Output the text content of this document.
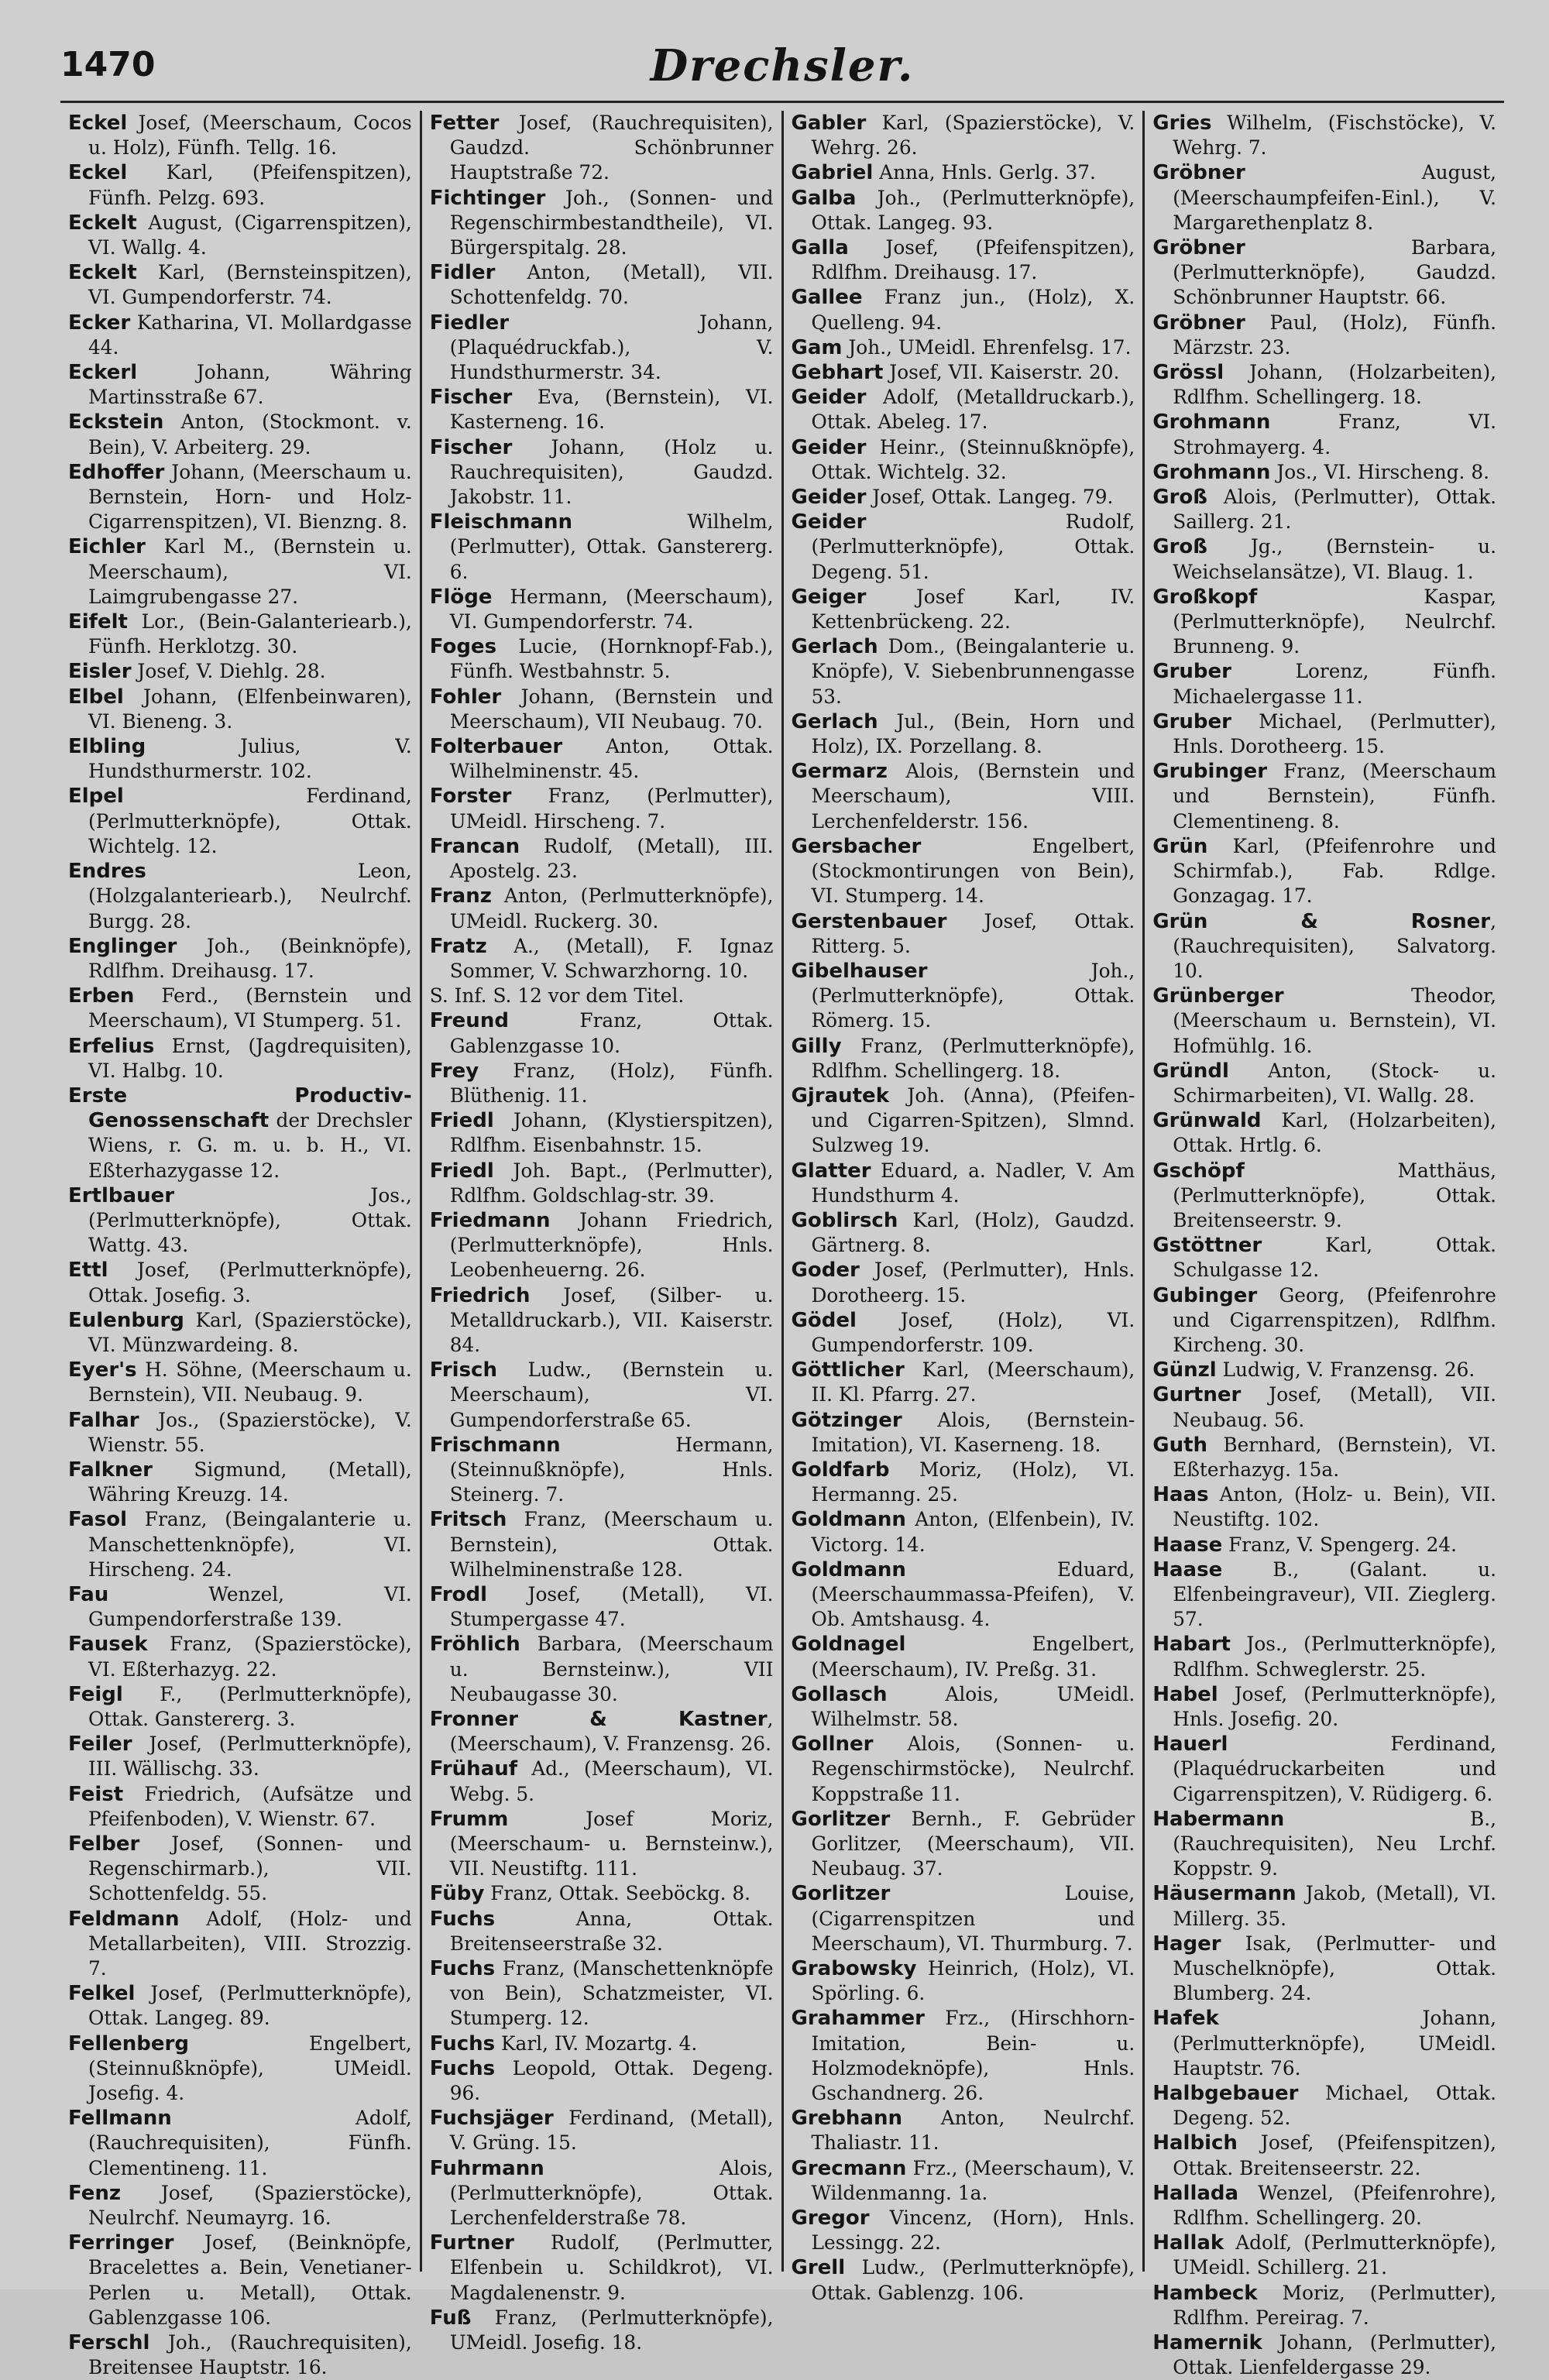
1470	Drechsler.

Eckel Josef, (Meerschaum, Cocos u. Holz), Fünfh. Tellg. 16.

Eckel Karl, (Pfeifenspitzen), Fünfh. Pelzg. 693.

Eckelt August, (Cigarrenspitzen), VI. Wallg. 4.

Eckelt Karl, (Bernsteinspitzen), VI. Gumpendorferstr. 74.

Ecker Katharina, VI. Mollardgasse 44.

Eckerl Johann, Währing Martinsstraße 67.

Eckstein Anton, (Stockmont. v. Bein), V. Arbeiterg. 29.

Edhoffer Johann, (Meerschaum u. Bernstein, Horn- und Holz-Cigarrenspitzen), VI. Bienzng. 8.

Eichler Karl M., (Bernstein u. Meerschaum), VI. Laimgrubengasse 27.

Eifelt Lor., (Bein-Galanteriearb.), Fünfh. Herklotzg. 30.

Eisler Josef, V. Diehlg. 28.

Elbel Johann, (Elfenbeinwaren), VI. Bieneng. 3.

Elbling Julius, V. Hundsthurmerstr. 102.

Elpel Ferdinand, (Perlmutterknöpfe), Ottak. Wichtelg. 12.

Endres Leon, (Holzgalanteriearb.), Neulrchf. Burgg. 28.

Englinger Joh., (Beinknöpfe), Rdlfhm. Dreihausg. 17.

Erben Ferd., (Bernstein und Meerschaum), VI Stumperg. 51.

Erfelius Ernst, (Jagdrequisiten), VI. Halbg. 10.

Erste Productiv-Genossenschaft der Drechsler Wiens, r. G. m. u. b. H., VI. Eßterhazygasse 12.

Ertlbauer Jos., (Perlmutterknöpfe), Ottak. Wattg. 43.

Ettl Josef, (Perlmutterknöpfe), Ottak. Josefig. 3.

Eulenburg Karl, (Spazierstöcke), VI. Münzwardeing. 8.

Eyer's H. Söhne, (Meerschaum u. Bernstein), VII. Neubaug. 9.

Falhar Jos., (Spazierstöcke), V. Wienstr. 55.

Falkner Sigmund, (Metall), Währing Kreuzg. 14.

Fasol Franz, (Beingalanterie u. Manschettenknöpfe), VI. Hirscheng. 24.

Fau Wenzel, VI. Gumpendorferstraße 139.

Fausek Franz, (Spazierstöcke), VI. Eßterhazyg. 22.

Feigl F., (Perlmutterknöpfe), Ottak. Ganstererg. 3.

Feiler Josef, (Perlmutterknöpfe), III. Wällischg. 33.

Feist Friedrich, (Aufsätze und Pfeifenboden), V. Wienstr. 67.

Felber Josef, (Sonnen- und Regenschirmarb.), VII. Schottenfeldg. 55.

Feldmann Adolf, (Holz- und Metallarbeiten), VIII. Strozzig. 7.

Felkel Josef, (Perlmutterknöpfe), Ottak. Langeg. 89.

Fellenberg Engelbert, (Steinnußknöpfe), UMeidl. Josefig. 4.

Fellmann Adolf, (Rauchrequisiten), Fünfh. Clementineng. 11.

Fenz Josef, (Spazierstöcke), Neulrchf. Neumayrg. 16.

Ferringer Josef, (Beinknöpfe, Bracelettes a. Bein, Venetianer-Perlen u. Metall), Ottak. Gablenzgasse 106.

Ferschl Joh., (Rauchrequisiten), Breitensee Hauptstr. 16.

Fetter Josef, (Rauchrequisiten), Gaudzd. Schönbrunner Hauptstraße 72.

Fichtinger Joh., (Sonnen- und Regenschirmbestandtheile), VI. Bürgerspitalg. 28.

Fidler Anton, (Metall), VII. Schottenfeldg. 70.

Fiedler Johann, (Plaquédruckfab.), V. Hundsthurmerstr. 34.

Fischer Eva, (Bernstein), VI. Kasterneng. 16.

Fischer Johann, (Holz u. Rauchrequisiten), Gaudzd. Jakobstr. 11.

Fleischmann Wilhelm, (Perlmutter), Ottak. Ganstererg. 6.

Flöge Hermann, (Meerschaum), VI. Gumpendorferstr. 74.

Foges Lucie, (Hornknopf-Fab.), Fünfh. Westbahnstr. 5.

Fohler Johann, (Bernstein und Meerschaum), VII Neubaug. 70.

Folterbauer Anton, Ottak. Wilhelminenstr. 45.

Forster Franz, (Perlmutter), UMeidl. Hirscheng. 7.

Francan Rudolf, (Metall), III. Apostelg. 23.

Franz Anton, (Perlmutterknöpfe), UMeidl. Ruckerg. 30.

Fratz A., (Metall), F. Ignaz Sommer, V. Schwarzhorng. 10.

S. Inf. S. 12 vor dem Titel.

Freund Franz, Ottak. Gablenzgasse 10.

Frey Franz, (Holz), Fünfh. Blüthenig. 11.

Friedl Johann, (Klystierspitzen), Rdlfhm. Eisenbahnstr. 15.

Friedl Joh. Bapt., (Perlmutter), Rdlfhm. Goldschlag-str. 39.

Friedmann Johann Friedrich, (Perlmutterknöpfe), Hnls. Leobenheuerng. 26.

Friedrich Josef, (Silber- u. Metalldruckarb.), VII. Kaiserstr. 84.

Frisch Ludw., (Bernstein u. Meerschaum), VI. Gumpendorferstraße 65.

Frischmann Hermann, (Steinnußknöpfe), Hnls. Steinerg. 7.

Fritsch Franz, (Meerschaum u. Bernstein), Ottak. Wilhelminenstraße 128.

Frodl Josef, (Metall), VI. Stumpergasse 47.

Fröhlich Barbara, (Meerschaum u. Bernsteinw.), VII Neubaugasse 30.

Fronner & Kastner, (Meerschaum), V. Franzensg. 26.

Frühauf Ad., (Meerschaum), VI. Webg. 5.

Frumm Josef Moriz, (Meerschaum- u. Bernsteinw.), VII. Neustiftg. 111.

Füby Franz, Ottak. Seeböckg. 8.

Fuchs Anna, Ottak. Breitenseerstraße 32.

Fuchs Franz, (Manschettenknöpfe von Bein), Schatzmeister, VI. Stumperg. 12.

Fuchs Karl, IV. Mozartg. 4.

Fuchs Leopold, Ottak. Degeng. 96.

Fuchsjäger Ferdinand, (Metall), V. Grüng. 15.

Fuhrmann Alois, (Perlmutterknöpfe), Ottak. Lerchenfelderstraße 78.

Furtner Rudolf, (Perlmutter, Elfenbein u. Schildkrot), VI. Magdalenenstr. 9.

Fuß Franz, (Perlmutterknöpfe), UMeidl. Josefig. 18.

Gabler Karl, (Spazierstöcke), V. Wehrg. 26.

Gabriel Anna, Hnls. Gerlg. 37.

Galba Joh., (Perlmutterknöpfe), Ottak. Langeg. 93.

Galla Josef, (Pfeifenspitzen), Rdlfhm. Dreihausg. 17.

Gallee Franz jun., (Holz), X. Quelleng. 94.

Gam Joh., UMeidl. Ehrenfelsg. 17.

Gebhart Josef, VII. Kaiserstr. 20.

Geider Adolf, (Metalldruckarb.), Ottak. Abeleg. 17.

Geider Heinr., (Steinnußknöpfe), Ottak. Wichtelg. 32.

Geider Josef, Ottak. Langeg. 79.

Geider Rudolf, (Perlmutterknöpfe), Ottak. Degeng. 51.

Geiger Josef Karl, IV. Kettenbrückeng. 22.

Gerlach Dom., (Beingalanterie u. Knöpfe), V. Siebenbrunnengasse 53.

Gerlach Jul., (Bein, Horn und Holz), IX. Porzellang. 8.

Germarz Alois, (Bernstein und Meerschaum), VIII. Lerchenfelderstr. 156.

Gersbacher Engelbert, (Stockmontirungen von Bein), VI. Stumperg. 14.

Gerstenbauer Josef, Ottak. Ritterg. 5.

Gibelhauser Joh., (Perlmutterknöpfe), Ottak. Römerg. 15.

Gilly Franz, (Perlmutterknöpfe), Rdlfhm. Schellingerg. 18.

Gjrautek Joh. (Anna), (Pfeifen- und Cigarren-Spitzen), Slmnd. Sulzweg 19.

Glatter Eduard, a. Nadler, V. Am Hundsthurm 4.

Goblirsch Karl, (Holz), Gaudzd. Gärtnerg. 8.

Goder Josef, (Perlmutter), Hnls. Dorotheerg. 15.

Gödel Josef, (Holz), VI. Gumpendorferstr. 109.

Göttlicher Karl, (Meerschaum), II. Kl. Pfarrg. 27.

Götzinger Alois, (Bernstein-Imitation), VI. Kaserneng. 18.

Goldfarb Moriz, (Holz), VI. Hermanng. 25.

Goldmann Anton, (Elfenbein), IV. Victorg. 14.

Goldmann Eduard, (Meerschaummassa-Pfeifen), V. Ob. Amtshausg. 4.

Goldnagel Engelbert, (Meerschaum), IV. Preßg. 31.

Gollasch Alois, UMeidl. Wilhelmstr. 58.

Gollner Alois, (Sonnen- u. Regenschirmstöcke), Neulrchf. Koppstraße 11.

Gorlitzer Bernh., F. Gebrüder Gorlitzer, (Meerschaum), VII. Neubaug. 37.

Gorlitzer Louise, (Cigarrenspitzen und Meerschaum), VI. Thurmburg. 7.

Grabowsky Heinrich, (Holz), VI. Spörling. 6.

Grahammer Frz., (Hirschhorn-Imitation, Bein- u. Holzmodeknöpfe), Hnls. Gschandnerg. 26.

Grebhann Anton, Neulrchf. Thaliastr. 11.

Grecmann Frz., (Meerschaum), V. Wildenmanng. 1a.

Gregor Vincenz, (Horn), Hnls. Lessingg. 22.

Grell Ludw., (Perlmutterknöpfe), Ottak. Gablenzg. 106.

Gries Wilhelm, (Fischstöcke), V. Wehrg. 7.

Gröbner August, (Meerschaumpfeifen-Einl.), V. Margarethenplatz 8.

Gröbner Barbara, (Perlmutterknöpfe), Gaudzd. Schönbrunner Hauptstr. 66.

Gröbner Paul, (Holz), Fünfh. Märzstr. 23.

Grössl Johann, (Holzarbeiten), Rdlfhm. Schellingerg. 18.

Grohmann Franz, VI. Strohmayerg. 4.

Grohmann Jos., VI. Hirscheng. 8.

Groß Alois, (Perlmutter), Ottak. Saillerg. 21.

Groß Jg., (Bernstein- u. Weichselansätze), VI. Blaug. 1.

Großkopf Kaspar, (Perlmutterknöpfe), Neulrchf. Brunneng. 9.

Gruber Lorenz, Fünfh. Michaelergasse 11.

Gruber Michael, (Perlmutter), Hnls. Dorotheerg. 15.

Grubinger Franz, (Meerschaum und Bernstein), Fünfh. Clementineng. 8.

Grün Karl, (Pfeifenrohre und Schirmfab.), Fab. Rdlge. Gonzagag. 17.

Grün & Rosner, (Rauchrequisiten), Salvatorg. 10.

Grünberger Theodor, (Meerschaum u. Bernstein), VI. Hofmühlg. 16.

Gründl Anton, (Stock- u. Schirmarbeiten), VI. Wallg. 28.

Grünwald Karl, (Holzarbeiten), Ottak. Hrtlg. 6.

Gschöpf Matthäus, (Perlmutterknöpfe), Ottak. Breitenseerstr. 9.

Gstöttner Karl, Ottak. Schulgasse 12.

Gubinger Georg, (Pfeifenrohre und Cigarrenspitzen), Rdlfhm. Kircheng. 30.

Günzl Ludwig, V. Franzensg. 26.

Gurtner Josef, (Metall), VII. Neubaug. 56.

Guth Bernhard, (Bernstein), VI. Eßterhazyg. 15a.

Haas Anton, (Holz- u. Bein), VII. Neustiftg. 102.

Haase Franz, V. Spengerg. 24.

Haase B., (Galant. u. Elfenbeingraveur), VII. Zieglerg. 57.

Habart Jos., (Perlmutterknöpfe), Rdlfhm. Schweglerstr. 25.

Habel Josef, (Perlmutterknöpfe), Hnls. Josefig. 20.

Hauerl Ferdinand, (Plaquédruckarbeiten und Cigarrenspitzen), V. Rüdigerg. 6.

Habermann B., (Rauchrequisiten), Neu Lrchf. Koppstr. 9.

Häusermann Jakob, (Metall), VI. Millerg. 35.

Hager Isak, (Perlmutter- und Muschelknöpfe), Ottak. Blumberg. 24.

Hafek Johann, (Perlmutterknöpfe), UMeidl. Hauptstr. 76.

Halbgebauer Michael, Ottak. Degeng. 52.

Halbich Josef, (Pfeifenspitzen), Ottak. Breitenseerstr. 22.

Hallada Wenzel, (Pfeifenrohre), Rdlfhm. Schellingerg. 20.

Hallak Adolf, (Perlmutterknöpfe), UMeidl. Schillerg. 21.

Hambeck Moriz, (Perlmutter), Rdlfhm. Pereirag. 7.

Hamernik Johann, (Perlmutter), Ottak. Lienfeldergasse 29.
